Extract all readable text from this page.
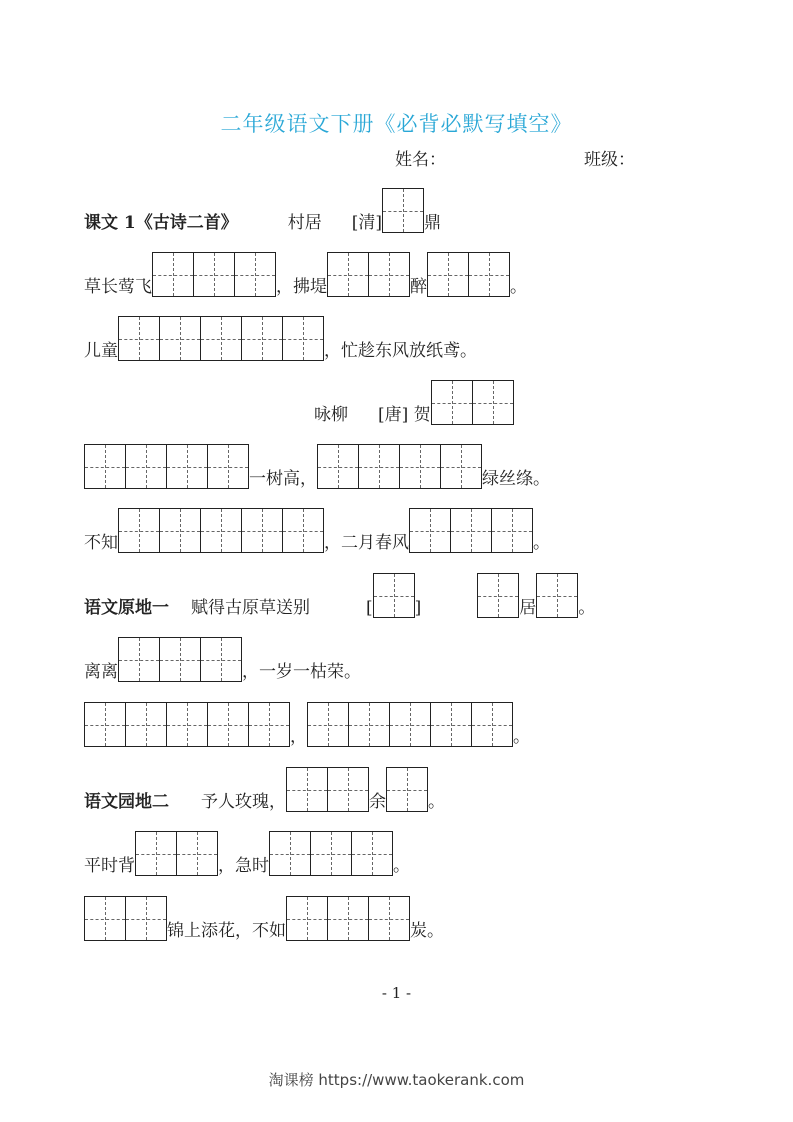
二年级语文下册《必背必默写填空》
姓名：	班级：
课文 1《古诗二首》	村居 [清] 鼎
草长莺飞	，拂堤	醉	。
儿童	，忙趁东风放纸鸢。
咏柳 [唐] 贺
一树高，	绿丝绦。
不知	，二月春风	。
语文原地一 赋得古原草送别	[ ]	居 。
离离	，一岁一枯荣。
，	。
语文园地二 予人玫瑰，	余 。
平时背	，急时	。
锦上添花，不如	炭。
- 1 -
淘课榜 https://www.taokerank.com
